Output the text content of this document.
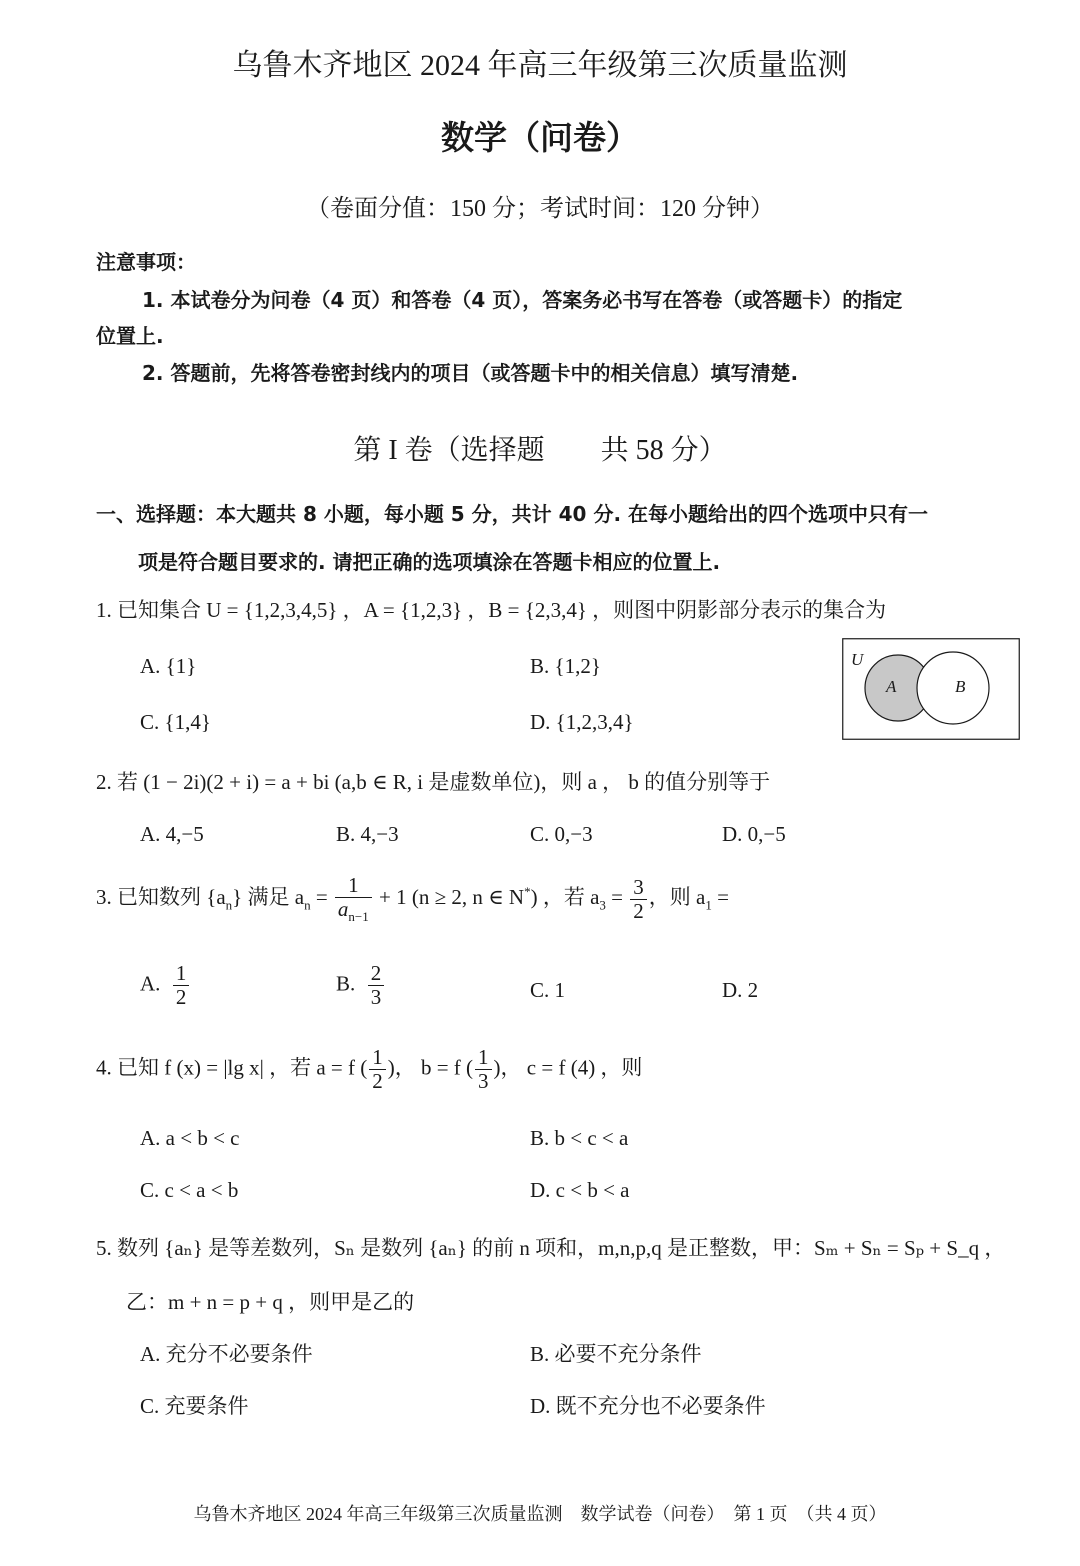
乌鲁木齐地区 2024 年高三年级第三次质量监测
数学（问卷）
（卷面分值：150 分；考试时间：120 分钟）
注意事项：
1. 本试卷分为问卷（4 页）和答卷（4 页），答案务必书写在答卷（或答题卡）的指定
位置上.
2. 答题前，先将答卷密封线内的项目（或答题卡中的相关信息）填写清楚.
第 I 卷（选择题　　共 58 分）
一、选择题：本大题共 8 小题，每小题 5 分，共计 40 分. 在每小题给出的四个选项中只有一
项是符合题目要求的. 请把正确的选项填涂在答题卡相应的位置上.
1. 已知集合 U = {1,2,3,4,5} ，A = {1,2,3} ，B = {2,3,4} ，则图中阴影部分表示的集合为
A. {1}	B. {1,2}
C. {1,4}	D. {1,2,3,4}
U
A	B
2. 若 (1 − 2i)(2 + i) = a + bi (a,b ∈ R, i 是虚数单位)，则 a ， b 的值分别等于
A. 4,−5	B. 4,−3	C. 0,−3	D. 0,−5
3. 已知数列 $\{a_n\}$ 满足 $a_n = \frac{1}{a_{n-1}} + 1$ (n ≥ 2, n ∈ N*) ，若 $a_3 = \frac{3}{2}$ ，则 $a_1$ =
A. $\frac{1}{2}$	B. $\frac{2}{3}$	C. 1	D. 2
4. 已知 f (x) = |lg x| ，若 a = f ( $\frac{1}{2}$ )， b = f ( $\frac{1}{3}$ )， c = f (4) ，则
A. a < b < c	B. b < c < a
C. c < a < b	D. c < b < a
5. 数列 {aₙ} 是等差数列，Sₙ 是数列 {aₙ} 的前 n 项和，m,n,p,q 是正整数，甲：Sₘ + Sₙ = Sₚ + S_q ，
乙：m + n = p + q ，则甲是乙的
A. 充分不必要条件	B. 必要不充分条件
C. 充要条件	D. 既不充分也不必要条件
乌鲁木齐地区 2024 年高三年级第三次质量监测　数学试卷（问卷）　第 1 页　（共 4 页）
